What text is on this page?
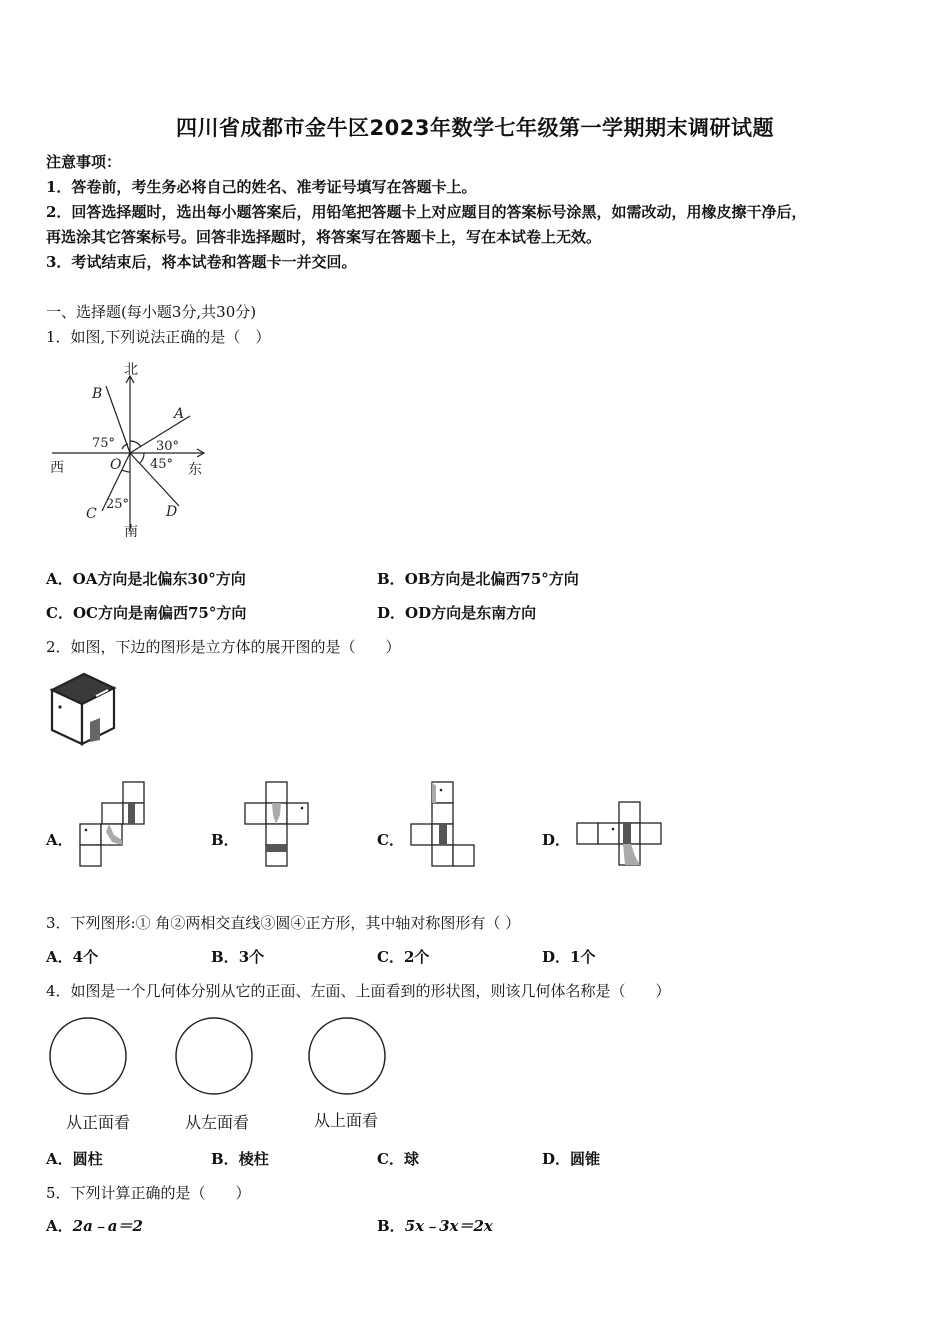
四川省成都市金牛区2023年数学七年级第一学期期末调研试题
注意事项：
1．答卷前，考生务必将自己的姓名、准考证号填写在答题卡上。
2．回答选择题时，选出每小题答案后，用铅笔把答题卡上对应题目的答案标号涂黑，如需改动，用橡皮擦干净后，
再选涂其它答案标号。回答非选择题时，将答案写在答题卡上，写在本试卷上无效。
3．考试结束后，将本试卷和答题卡一并交回。
一、选择题(每小题3分,共30分)
1．如图,下列说法正确的是（　）
北
南
西	东
O
B
A
D
C
75°	30°
45°
25°
A．OA方向是北偏东30°方向	B．OB方向是北偏西75°方向
C．OC方向是南偏西75°方向	D．OD方向是东南方向
2．如图，下边的图形是立方体的展开图的是（　　）
A．	B．	C．	D．
3．下列图形:① 角②两相交直线③圆④正方形，其中轴对称图形有（ ）
A．4个	B．3个	C．2个	D．1个
4．如图是一个几何体分别从它的正面、左面、上面看到的形状图，则该几何体名称是（　　）
从正面看	从左面看	从上面看
A．圆柱	B．棱柱	C．球	D．圆锥
5．下列计算正确的是（　　）
A．2a﹣a＝2	B．5x﹣3x＝2x
